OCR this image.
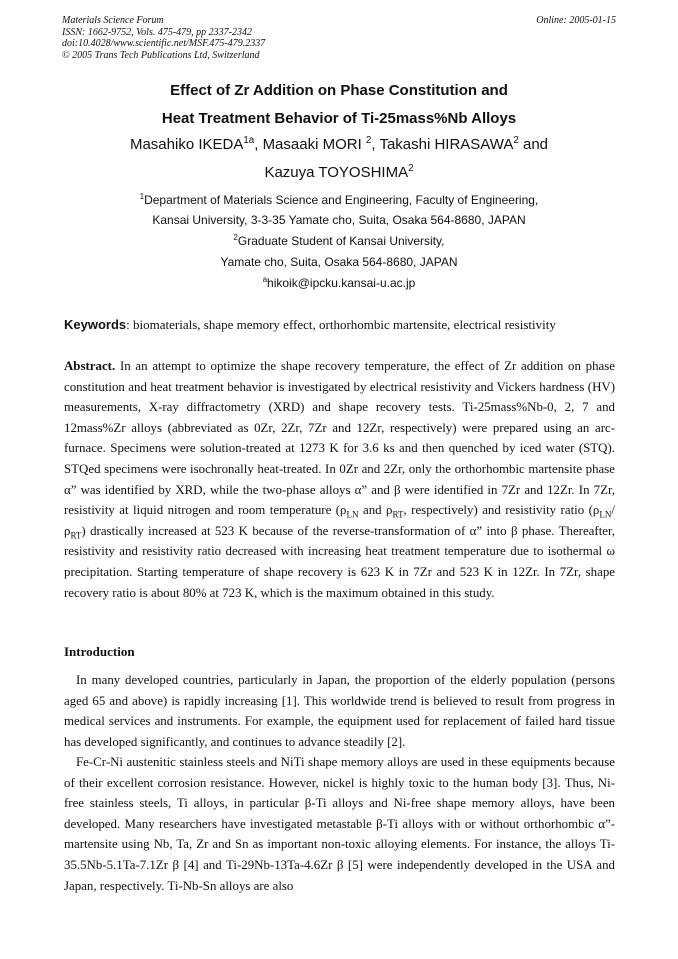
Materials Science Forum
ISSN: 1662-9752, Vols. 475-479, pp 2337-2342
doi:10.4028/www.scientific.net/MSF.475-479.2337
© 2005 Trans Tech Publications Ltd, Switzerland
Online: 2005-01-15
Effect of Zr Addition on Phase Constitution and
Heat Treatment Behavior of Ti-25mass%Nb Alloys
Masahiko $IKEDA^{1a}$, Masaaki MORI $^2$, Takashi HIRASAWA$^2$ and
Kazuya TOYOSHIMA$^2$
$^1$Department of Materials Science and Engineering, Faculty of Engineering,
Kansai University, 3-3-35 Yamate cho, Suita, Osaka 564-8680, JAPAN
$^2$Graduate Student of Kansai University,
Yamate cho, Suita, Osaka 564-8680, JAPAN
$^a$hikoik@ipcku.kansai-u.ac.jp
Keywords: biomaterials, shape memory effect, orthorhombic martensite, electrical resistivity

Abstract. In an attempt to optimize the shape recovery temperature, the effect of Zr addition on phase constitution and heat treatment behavior is investigated by electrical resistivity and Vickers hardness (HV) measurements, X-ray diffractometry (XRD) and shape recovery tests. Ti-25mass%Nb-0, 2, 7 and 12mass%Zr alloys (abbreviated as 0Zr, 2Zr, 7Zr and 12Zr, respectively) were prepared using an arc-furnace. Specimens were solution-treated at 1273 K for 3.6 ks and then quenched by iced water (STQ). STQed specimens were isochronally heat-treated. In 0Zr and 2Zr, only the orthorhombic martensite phase α” was identified by XRD, while the two-phase alloys α” and β were identified in 7Zr and 12Zr. In 7Zr, resistivity at liquid nitrogen and room temperature ($\rho_{LN}$ and $\rho_{RT}$, respectively) and resistivity ratio $(\rho_{LN}/\rho_{RT})$ drastically increased at 523 K because of the reverse-transformation of α” into β phase. Thereafter, resistivity and resistivity ratio decreased with increasing heat treatment temperature due to isothermal ω precipitation. Starting temperature of shape recovery is 623 K in 7Zr and 523 K in 12Zr. In 7Zr, shape recovery ratio is about 80% at 723 K, which is the maximum obtained in this study.

Introduction

In many developed countries, particularly in Japan, the proportion of the elderly population (persons aged 65 and above) is rapidly increasing [1]. This worldwide trend is believed to result from progress in medical services and instruments. For example, the equipment used for replacement of failed hard tissue has developed significantly, and continues to advance steadily [2].

Fe-Cr-Ni austenitic stainless steels and NiTi shape memory alloys are used in these equipments because of their excellent corrosion resistance. However, nickel is highly toxic to the human body [3]. Thus, Ni-free stainless steels, Ti alloys, in particular β-Ti alloys and Ni-free shape memory alloys, have been developed. Many researchers have investigated metastable β-Ti alloys with or without orthorhombic α”-martensite using Nb, Ta, Zr and Sn as important non-toxic alloying elements. For instance, the alloys Ti-35.5Nb-5.1Ta-7.1Zr β [4] and Ti-29Nb-13Ta-4.6Zr β [5] were independently developed in the USA and Japan, respectively. Ti-Nb-Sn alloys are also
